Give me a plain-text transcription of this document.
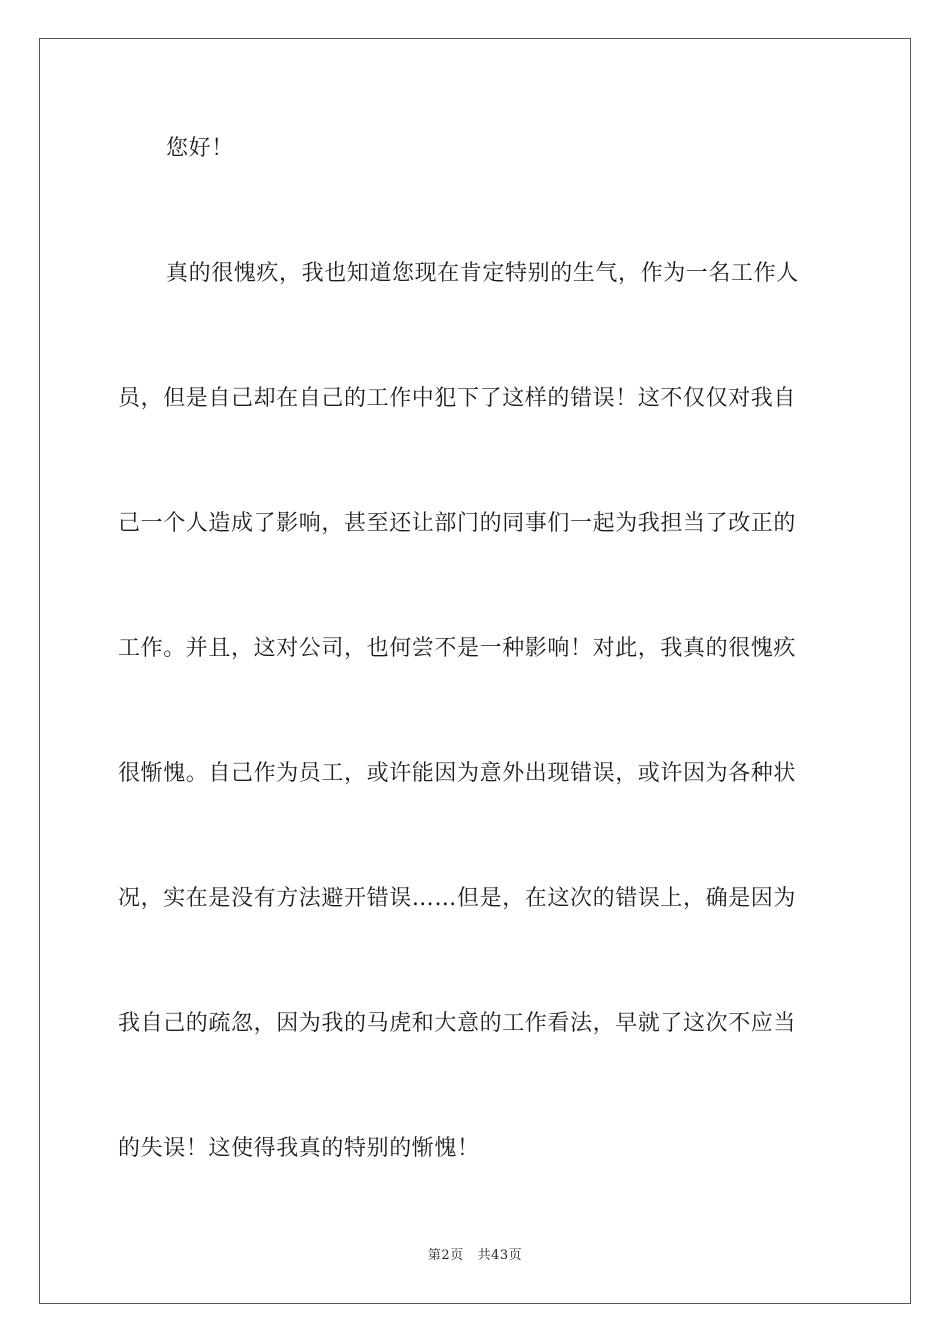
您好！
真的很愧疚，我也知道您现在肯定特别的生气，作为一名工作人
员，但是自己却在自己的工作中犯下了这样的错误！这不仅仅对我自
己一个人造成了影响，甚至还让部门的同事们一起为我担当了改正的
工作。并且，这对公司，也何尝不是一种影响！对此，我真的很愧疚
很惭愧。自己作为员工，或许能因为意外出现错误，或许因为各种状
况，实在是没有方法避开错误……但是，在这次的错误上，确是因为
我自己的疏忽，因为我的马虎和大意的工作看法，早就了这次不应当
的失误！这使得我真的特别的惭愧！
第2页 共43页
